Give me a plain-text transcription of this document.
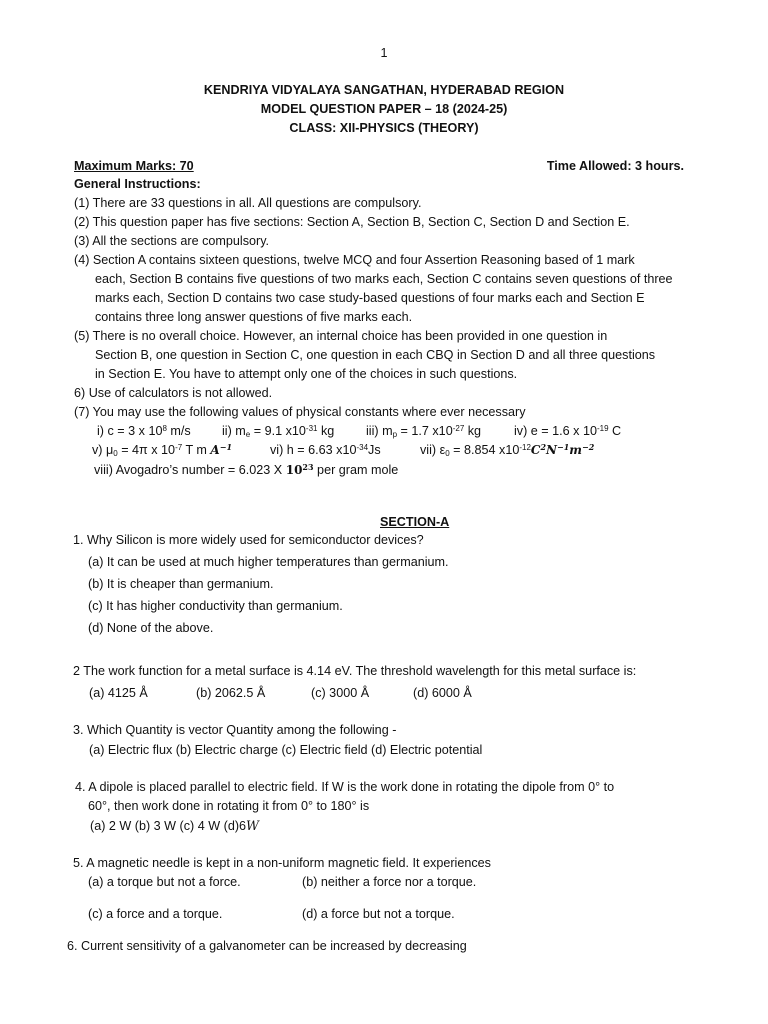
1
KENDRIYA VIDYALAYA SANGATHAN, HYDERABAD REGION
MODEL QUESTION PAPER – 18 (2024-25)
CLASS: XII-PHYSICS (THEORY)
Maximum Marks: 70	Time Allowed: 3 hours.
General Instructions:
(1) There are 33 questions in all. All questions are compulsory.
(2) This question paper has five sections: Section A, Section B, Section C, Section D and Section E.
(3) All the sections are compulsory.
(4) Section A contains sixteen questions, twelve MCQ and four Assertion Reasoning based of 1 mark
each, Section B contains five questions of two marks each, Section C contains seven questions of three
marks each, Section D contains two case study-based questions of four marks each and Section E
contains three long answer questions of five marks each.
(5) There is no overall choice. However, an internal choice has been provided in one question in
Section B, one question in Section C, one question in each CBQ in Section D and all three questions
in Section E. You have to attempt only one of the choices in such questions.
6) Use of calculators is not allowed.
(7) You may use the following values of physical constants where ever necessary
i) c = 3 x $10^8$ m/s ii) $m_e = 9.1$ $x10^{-31}$ kg	iii) $m_p = 1.7$ $x10^{-27}$ kg	iv) e = 1.6 x $10^{-19}$ C
v) $\mu_0 = 4\pi$ x $10^{-7}$ T m $A^{-1}$	vi) h = 6.63 $x10^{-34}Js$	vii) $\varepsilon_0 = 8.854$ $x10^{-12}C^2N^{-1}m^{-2}$
viii) Avogadro’s number = 6.023 X $10^{23}$ per gram mole
SECTION-A
1. Why Silicon is more widely used for semiconductor devices?
(a) It can be used at much higher temperatures than germanium.
(b) It is cheaper than germanium.
(c) It has higher conductivity than germanium.
(d) None of the above.
2 The work function for a metal surface is 4.14 eV. The threshold wavelength for this metal surface is:
(a) 4125 Å	(b) 2062.5 Å	(c) 3000 Å	(d) 6000 Å
3. Which Quantity is vector Quantity among the following -
(a) Electric flux (b) Electric charge (c) Electric field (d) Electric potential
4. A dipole is placed parallel to electric field. If W is the work done in rotating the dipole from 0° to
60°, then work done in rotating it from 0° to 180° is
(a) 2 W (b) 3 W (c) 4 W (d)6W
5. A magnetic needle is kept in a non-uniform magnetic field. It experiences
(a) a torque but not a force.	(b) neither a force nor a torque.
(c) a force and a torque.	(d) a force but not a torque.
6. Current sensitivity of a galvanometer can be increased by decreasing
